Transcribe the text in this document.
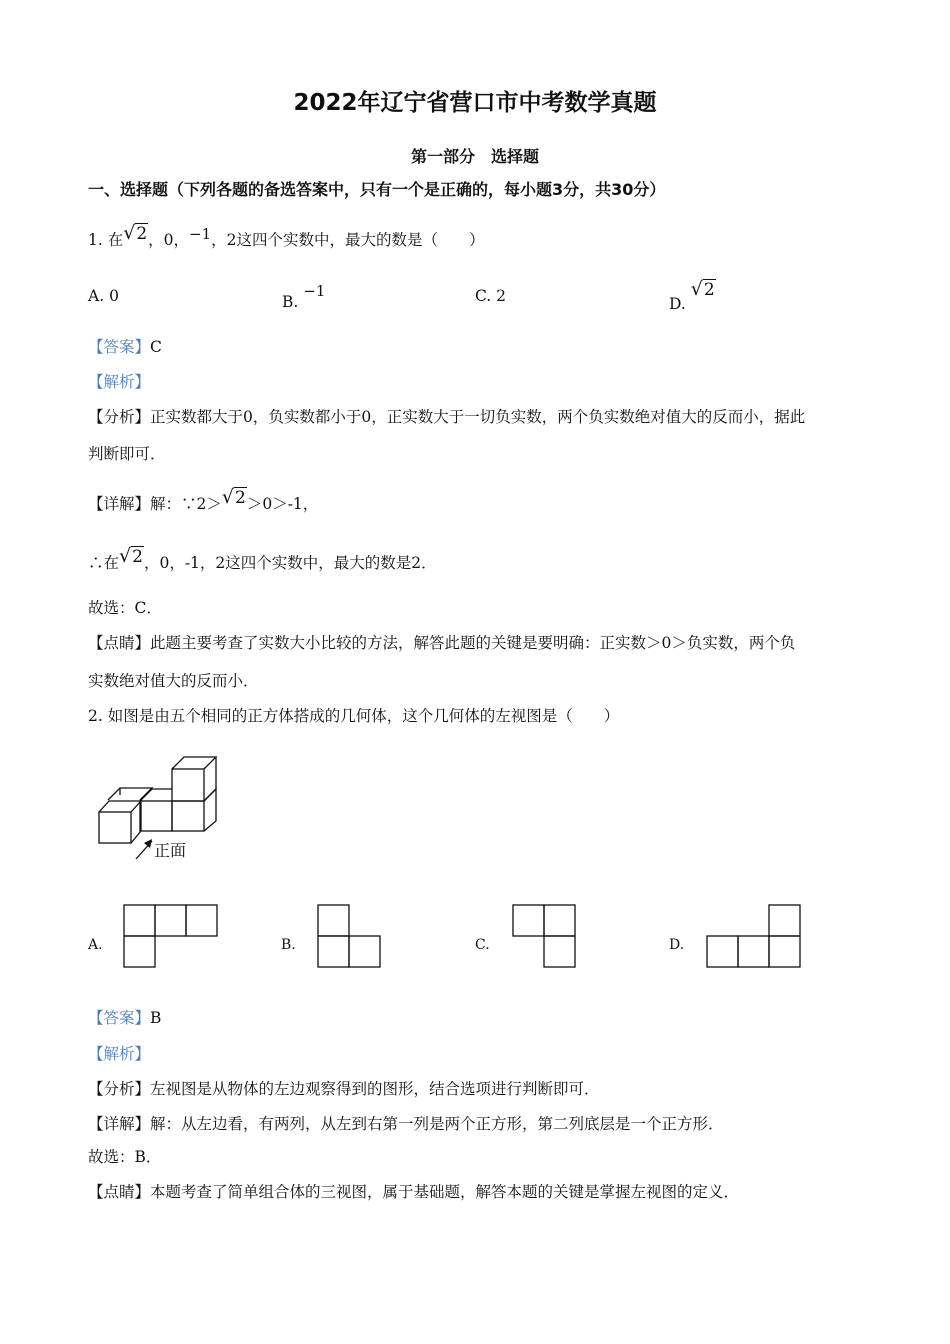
2022年辽宁省营口市中考数学真题
第一部分　选择题
一、选择题（下列各题的备选答案中，只有一个是正确的，每小题3分，共30分）
1. 在√2，0，−1，2这四个实数中，最大的数是（　　）
A. 0	B. −1	C. 2	D. √2
【答案】C
【解析】
【分析】正实数都大于0，负实数都小于0，正实数大于一切负实数，两个负实数绝对值大的反而小，据此
判断即可．
【详解】解：∵2＞√2＞0＞-1，
∴在√2，0，-1，2这四个实数中，最大的数是2．
故选：C．
【点睛】此题主要考查了实数大小比较的方法，解答此题的关键是要明确：正实数＞0＞负实数，两个负
实数绝对值大的反而小．
2. 如图是由五个相同的正方体搭成的几何体，这个几何体的左视图是（　　）
正面
A.	B.	C.	D.
【答案】B
【解析】
【分析】左视图是从物体的左边观察得到的图形，结合选项进行判断即可．
【详解】解：从左边看，有两列，从左到右第一列是两个正方形，第二列底层是一个正方形．
故选：B．
【点睛】本题考查了简单组合体的三视图，属于基础题，解答本题的关键是掌握左视图的定义．
